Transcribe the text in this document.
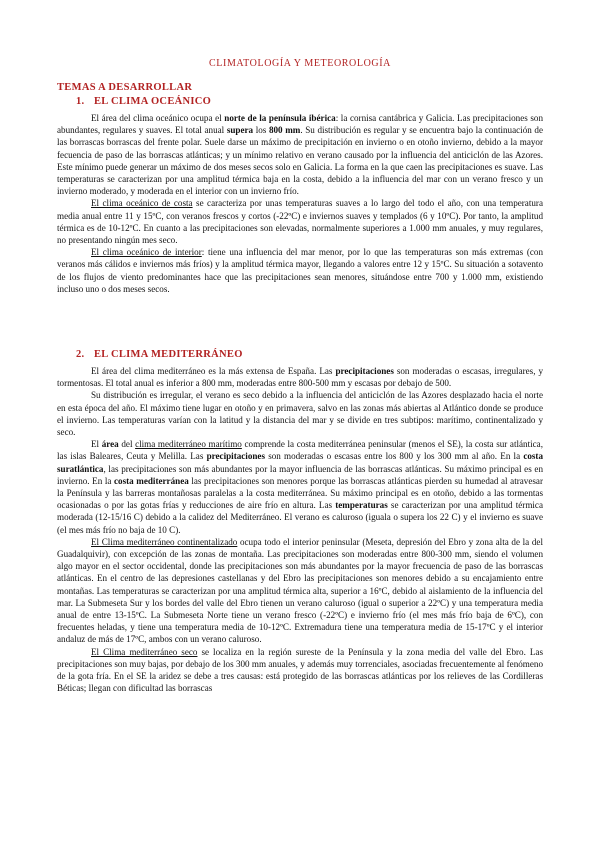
CLIMATOLOGÍA Y METEOROLOGÍA
TEMAS A DESARROLLAR
1. EL CLIMA OCEÁNICO

El área del clima oceánico ocupa el norte de la península ibérica: la cornisa cantábrica y Galicia. Las precipitaciones son abundantes, regulares y suaves. El total anual supera los 800 mm. Su distribución es regular y se encuentra bajo la continuación de las borrascas borrascas del frente polar. Suele darse un máximo de precipitación en invierno o en otoño invierno, debido a la mayor fecuencia de paso de las borrascas atlánticas; y un mínimo relativo en verano causado por la influencia del anticiclón de las Azores. Este mínimo puede generar un máximo de dos meses secos solo en Galicia. La forma en la que caen las precipitaciones es suave. Las temperaturas se caracterizan por una amplitud térmica baja en la costa, debido a la influencia del mar con un verano fresco y un invierno moderado, y moderada en el interior con un invierno frío.

El clima oceánico de costa se caracteriza por unas temperaturas suaves a lo largo del todo el año, con una temperatura media anual entre 11 y 15ºC, con veranos frescos y cortos (-22ºC) e inviernos suaves y templados (6 y 10ºC). Por tanto, la amplitud térmica es de 10-12ºC. En cuanto a las precipitaciones son elevadas, normalmente superiores a 1.000 mm anuales, y muy regulares, no presentando ningún mes seco.

El clima oceánico de interior: tiene una influencia del mar menor, por lo que las temperaturas son más extremas (con veranos más cálidos e inviernos más fríos) y la amplitud térmica mayor, llegando a valores entre 12 y 15ºC. Su situación a sotavento de los flujos de viento predominantes hace que las precipitaciones sean menores, situándose entre 700 y 1.000 mm, existiendo incluso uno o dos meses secos.

2. EL CLIMA MEDITERRÁNEO

El área del clima mediterráneo es la más extensa de España. Las precipitaciones son moderadas o escasas, irregulares, y tormentosas. El total anual es inferior a 800 mm, moderadas entre 800-500 mm y escasas por debajo de 500.

Su distribución es irregular, el verano es seco debido a la influencia del anticiclón de las Azores desplazado hacia el norte en esta época del año. El máximo tiene lugar en otoño y en primavera, salvo en las zonas más abiertas al Atlántico donde se produce el invierno. Las temperaturas varían con la latitud y la distancia del mar y se divide en tres subtipos: marítimo, continentalizado y seco.

El área del clima mediterráneo marítimo comprende la costa mediterránea peninsular (menos el SE), la costa sur atlántica, las islas Baleares, Ceuta y Melilla. Las precipitaciones son moderadas o escasas entre los 800 y los 300 mm al año. En la costa suratlántica, las precipitaciones son más abundantes por la mayor influencia de las borrascas atlánticas. Su máximo principal es en invierno. En la costa mediterránea las precipitaciones son menores porque las borrascas atlánticas pierden su humedad al atravesar la Península y las barreras montañosas paralelas a la costa mediterránea. Su máximo principal es en otoño, debido a las tormentas ocasionadas o por las gotas frías y reducciones de aire frío en altura. Las temperaturas se caracterizan por una amplitud térmica moderada (12-15/16 C) debido a la calidez del Mediterráneo. El verano es caluroso (iguala o supera los 22 C) y el invierno es suave (el mes más frío no baja de 10 C).

El Clima mediterráneo continentalizado ocupa todo el interior peninsular (Meseta, depresión del Ebro y zona alta de la del Guadalquivir), con excepción de las zonas de montaña. Las precipitaciones son moderadas entre 800-300 mm, siendo el volumen algo mayor en el sector occidental, donde las precipitaciones son más abundantes por la mayor frecuencia de paso de las borrascas atlánticas. En el centro de las depresiones castellanas y del Ebro las precipitaciones son menores debido a su encajamiento entre montañas. Las temperaturas se caracterizan por una amplitud térmica alta, superior a 16ºC, debido al aislamiento de la influencia del mar. La Submeseta Sur y los bordes del valle del Ebro tienen un verano caluroso (igual o superior a 22ºC) y una temperatura media anual de entre 13-15ºC. La Submeseta Norte tiene un verano fresco (-22ºC) e invierno frío (el mes más frío baja de 6ºC), con frecuentes heladas, y tiene una temperatura media de 10-12ºC. Extremadura tiene una temperatura media de 15-17ºC y el interior andaluz de más de 17ºC, ambos con un verano caluroso.

El Clima mediterráneo seco se localiza en la región sureste de la Península y la zona media del valle del Ebro. Las precipitaciones son muy bajas, por debajo de los 300 mm anuales, y además muy torrenciales, asociadas frecuentemente al fenómeno de la gota fría. En el SE la aridez se debe a tres causas: está protegido de las borrascas atlánticas por los relieves de las Cordilleras Béticas; llegan con dificultad las borrascas
